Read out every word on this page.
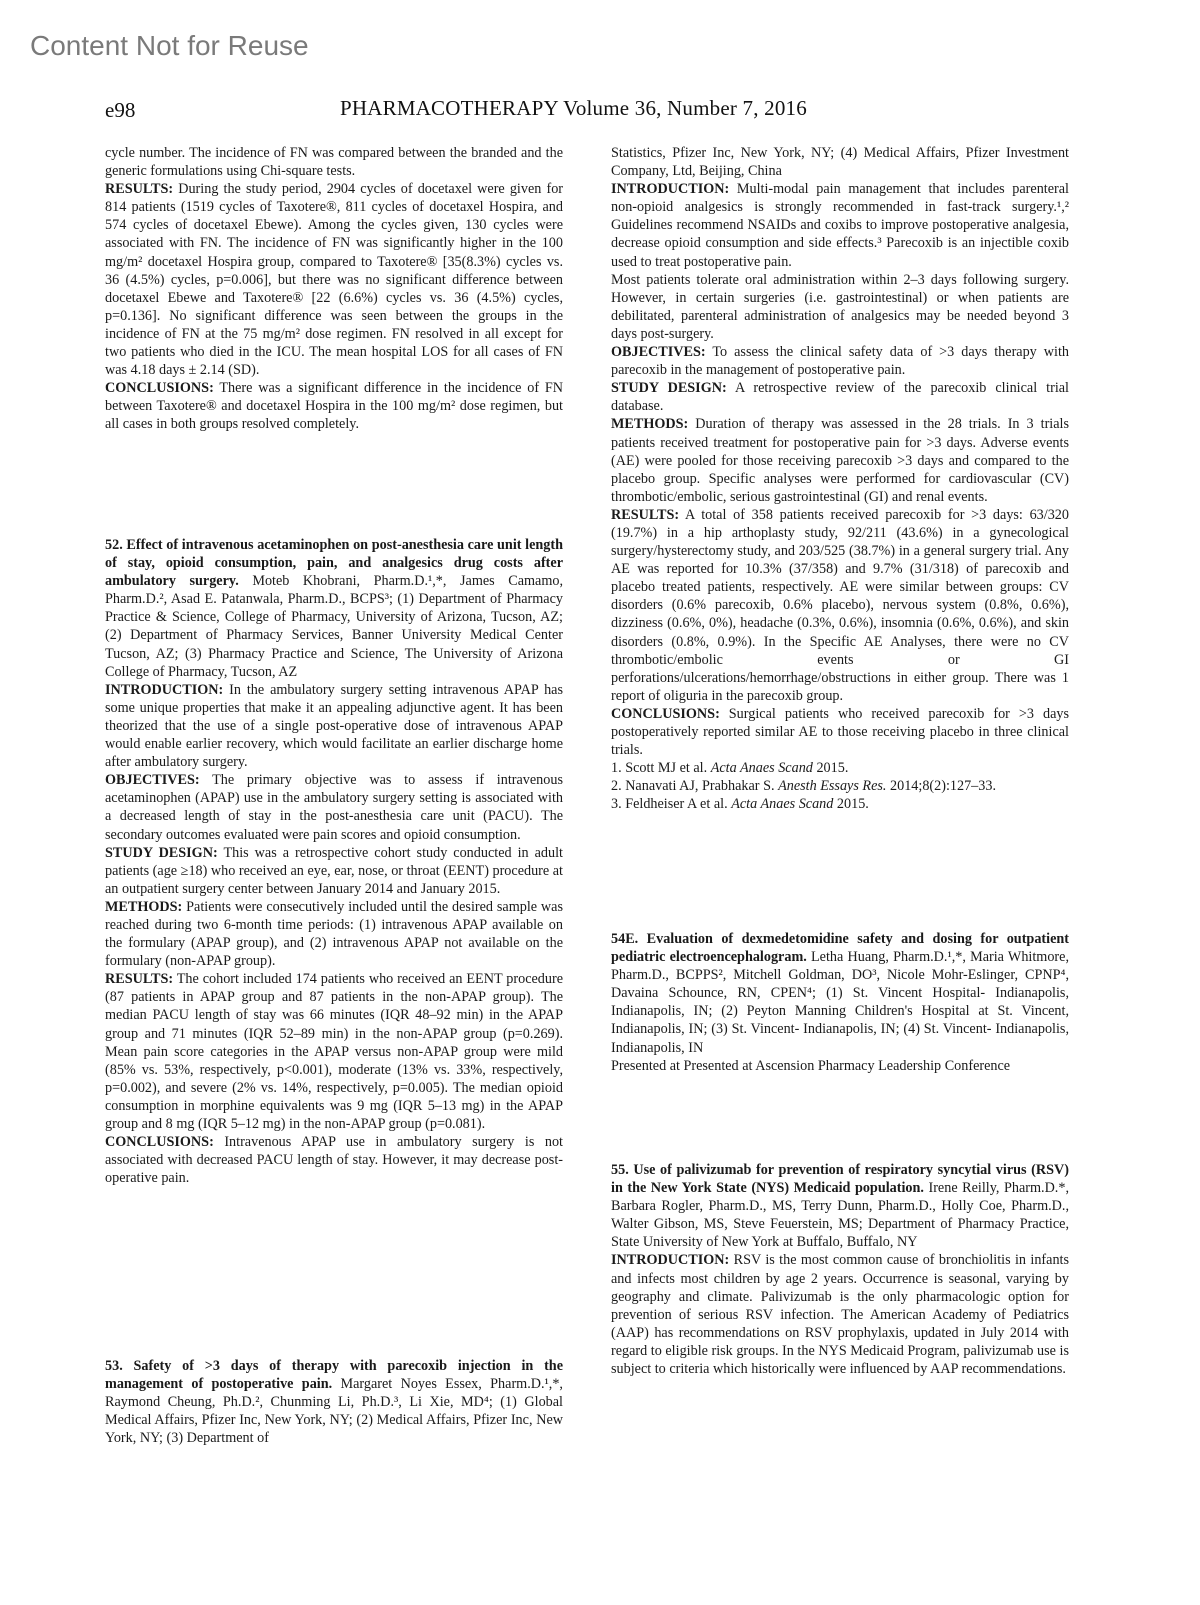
Content Not for Reuse
e98	PHARMACOTHERAPY Volume 36, Number 7, 2016

cycle number. The incidence of FN was compared between the branded and the generic formulations using Chi-square tests.

RESULTS: During the study period, 2904 cycles of docetaxel were given for 814 patients (1519 cycles of Taxotere®, 811 cycles of docetaxel Hospira, and 574 cycles of docetaxel Ebewe). Among the cycles given, 130 cycles were associated with FN. The incidence of FN was significantly higher in the 100 mg/m² docetaxel Hospira group, compared to Taxotere® [35(8.3%) cycles vs. 36 (4.5%) cycles, p=0.006], but there was no significant difference between docetaxel Ebewe and Taxotere® [22 (6.6%) cycles vs. 36 (4.5%) cycles, p=0.136]. No significant difference was seen between the groups in the incidence of FN at the 75 mg/m² dose regimen. FN resolved in all except for two patients who died in the ICU. The mean hospital LOS for all cases of FN was 4.18 days ± 2.14 (SD).

CONCLUSIONS: There was a significant difference in the incidence of FN between Taxotere® and docetaxel Hospira in the 100 mg/m² dose regimen, but all cases in both groups resolved completely.

52. Effect of intravenous acetaminophen on post-anesthesia care unit length of stay, opioid consumption, pain, and analgesics drug costs after ambulatory surgery. Moteb Khobrani, Pharm.D.¹,*, James Camamo, Pharm.D.², Asad E. Patanwala, Pharm.D., BCPS³; (1) Department of Pharmacy Practice & Science, College of Pharmacy, University of Arizona, Tucson, AZ; (2) Department of Pharmacy Services, Banner University Medical Center Tucson, AZ; (3) Pharmacy Practice and Science, The University of Arizona College of Pharmacy, Tucson, AZ

INTRODUCTION: In the ambulatory surgery setting intravenous APAP has some unique properties that make it an appealing adjunctive agent. It has been theorized that the use of a single post-operative dose of intravenous APAP would enable earlier recovery, which would facilitate an earlier discharge home after ambulatory surgery.

OBJECTIVES: The primary objective was to assess if intravenous acetaminophen (APAP) use in the ambulatory surgery setting is associated with a decreased length of stay in the post-anesthesia care unit (PACU). The secondary outcomes evaluated were pain scores and opioid consumption.

STUDY DESIGN: This was a retrospective cohort study conducted in adult patients (age ≥18) who received an eye, ear, nose, or throat (EENT) procedure at an outpatient surgery center between January 2014 and January 2015.

METHODS: Patients were consecutively included until the desired sample was reached during two 6-month time periods: (1) intravenous APAP available on the formulary (APAP group), and (2) intravenous APAP not available on the formulary (non-APAP group).

RESULTS: The cohort included 174 patients who received an EENT procedure (87 patients in APAP group and 87 patients in the non-APAP group). The median PACU length of stay was 66 minutes (IQR 48–92 min) in the APAP group and 71 minutes (IQR 52–89 min) in the non-APAP group (p=0.269). Mean pain score categories in the APAP versus non-APAP group were mild (85% vs. 53%, respectively, p<0.001), moderate (13% vs. 33%, respectively, p=0.002), and severe (2% vs. 14%, respectively, p=0.005). The median opioid consumption in morphine equivalents was 9 mg (IQR 5–13 mg) in the APAP group and 8 mg (IQR 5–12 mg) in the non-APAP group (p=0.081).

CONCLUSIONS: Intravenous APAP use in ambulatory surgery is not associated with decreased PACU length of stay. However, it may decrease post-operative pain.

53. Safety of >3 days of therapy with parecoxib injection in the management of postoperative pain. Margaret Noyes Essex, Pharm.D.¹,*, Raymond Cheung, Ph.D.², Chunming Li, Ph.D.³, Li Xie, MD⁴; (1) Global Medical Affairs, Pfizer Inc, New York, NY; (2) Medical Affairs, Pfizer Inc, New York, NY; (3) Department of

Statistics, Pfizer Inc, New York, NY; (4) Medical Affairs, Pfizer Investment Company, Ltd, Beijing, China

INTRODUCTION: Multi-modal pain management that includes parenteral non-opioid analgesics is strongly recommended in fast-track surgery.¹,² Guidelines recommend NSAIDs and coxibs to improve postoperative analgesia, decrease opioid consumption and side effects.³ Parecoxib is an injectible coxib used to treat postoperative pain.

Most patients tolerate oral administration within 2–3 days following surgery. However, in certain surgeries (i.e. gastrointestinal) or when patients are debilitated, parenteral administration of analgesics may be needed beyond 3 days post-surgery.

OBJECTIVES: To assess the clinical safety data of >3 days therapy with parecoxib in the management of postoperative pain.

STUDY DESIGN: A retrospective review of the parecoxib clinical trial database.

METHODS: Duration of therapy was assessed in the 28 trials. In 3 trials patients received treatment for postoperative pain for >3 days. Adverse events (AE) were pooled for those receiving parecoxib >3 days and compared to the placebo group. Specific analyses were performed for cardiovascular (CV) thrombotic/embolic, serious gastrointestinal (GI) and renal events.

RESULTS: A total of 358 patients received parecoxib for >3 days: 63/320 (19.7%) in a hip arthoplasty study, 92/211 (43.6%) in a gynecological surgery/hysterectomy study, and 203/525 (38.7%) in a general surgery trial. Any AE was reported for 10.3% (37/358) and 9.7% (31/318) of parecoxib and placebo treated patients, respectively. AE were similar between groups: CV disorders (0.6% parecoxib, 0.6% placebo), nervous system (0.8%, 0.6%), dizziness (0.6%, 0%), headache (0.3%, 0.6%), insomnia (0.6%, 0.6%), and skin disorders (0.8%, 0.9%). In the Specific AE Analyses, there were no CV thrombotic/embolic events or GI perforations/ulcerations/hemorrhage/obstructions in either group. There was 1 report of oliguria in the parecoxib group.

CONCLUSIONS: Surgical patients who received parecoxib for >3 days postoperatively reported similar AE to those receiving placebo in three clinical trials.

1. Scott MJ et al. Acta Anaes Scand 2015.
2. Nanavati AJ, Prabhakar S. Anesth Essays Res. 2014;8(2):127–33.
3. Feldheiser A et al. Acta Anaes Scand 2015.

54E. Evaluation of dexmedetomidine safety and dosing for outpatient pediatric electroencephalogram. Letha Huang, Pharm.D.¹,*, Maria Whitmore, Pharm.D., BCPPS², Mitchell Goldman, DO³, Nicole Mohr-Eslinger, CPNP⁴, Davaina Schounce, RN, CPEN⁴; (1) St. Vincent Hospital- Indianapolis, Indianapolis, IN; (2) Peyton Manning Children's Hospital at St. Vincent, Indianapolis, IN; (3) St. Vincent- Indianapolis, IN; (4) St. Vincent- Indianapolis, Indianapolis, IN

Presented at Presented at Ascension Pharmacy Leadership Conference

55. Use of palivizumab for prevention of respiratory syncytial virus (RSV) in the New York State (NYS) Medicaid population. Irene Reilly, Pharm.D.*, Barbara Rogler, Pharm.D., MS, Terry Dunn, Pharm.D., Holly Coe, Pharm.D., Walter Gibson, MS, Steve Feuerstein, MS; Department of Pharmacy Practice, State University of New York at Buffalo, Buffalo, NY

INTRODUCTION: RSV is the most common cause of bronchiolitis in infants and infects most children by age 2 years. Occurrence is seasonal, varying by geography and climate. Palivizumab is the only pharmacologic option for prevention of serious RSV infection. The American Academy of Pediatrics (AAP) has recommendations on RSV prophylaxis, updated in July 2014 with regard to eligible risk groups. In the NYS Medicaid Program, palivizumab use is subject to criteria which historically were influenced by AAP recommendations.
